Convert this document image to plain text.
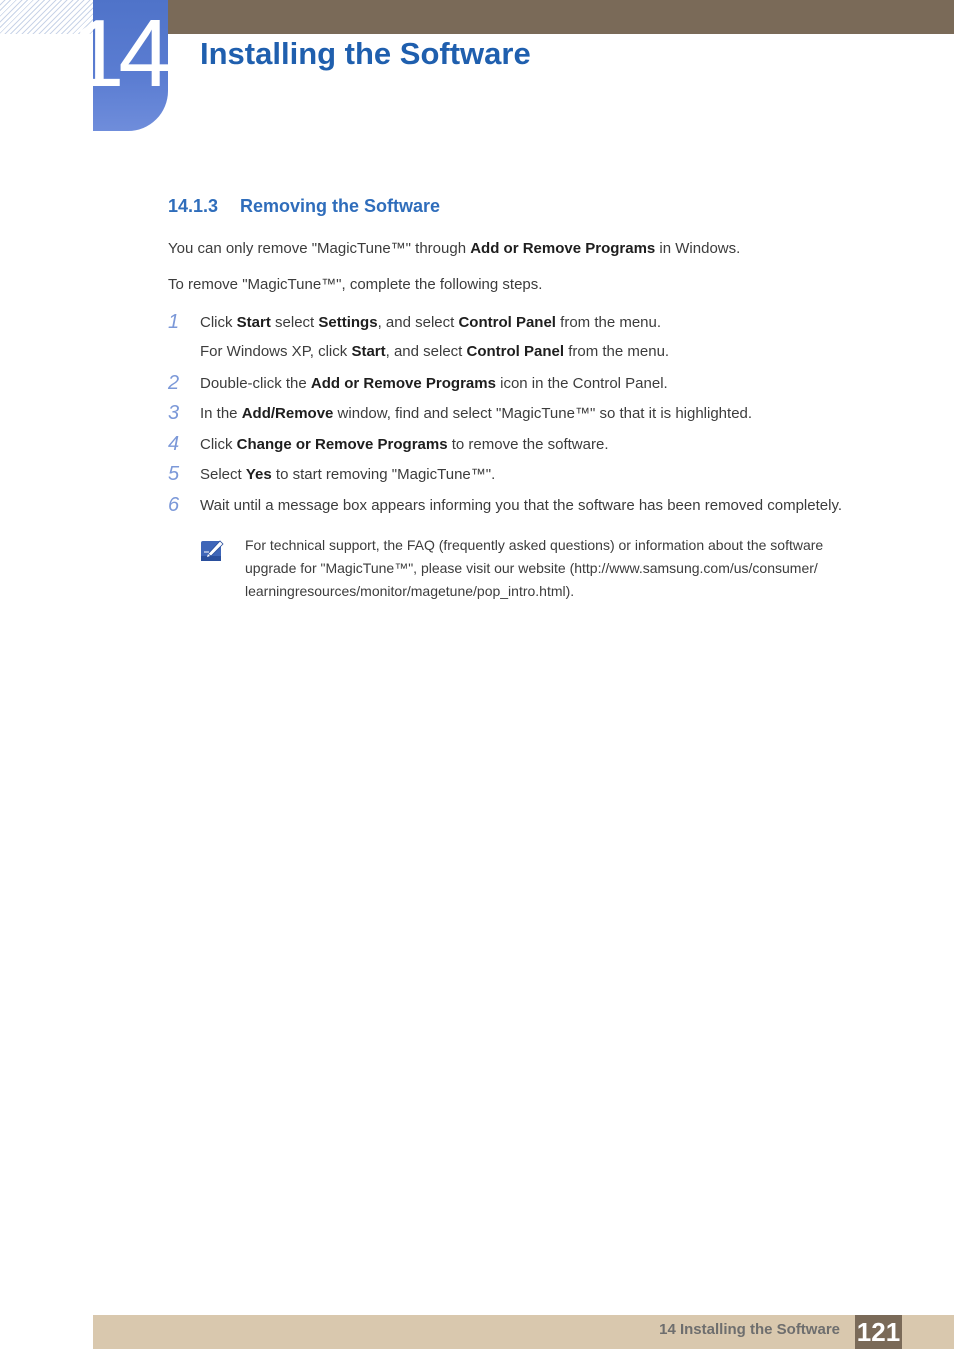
14 Installing the Software
14.1.3 Removing the Software

You can only remove "MagicTune™" through Add or Remove Programs in Windows.

To remove "MagicTune™", complete the following steps.

1	Click Start select Settings, and select Control Panel from the menu.

For Windows XP, click Start, and select Control Panel from the menu.

2	Double-click the Add or Remove Programs icon in the Control Panel.

3	In the Add/Remove window, find and select "MagicTune™" so that it is highlighted.

4	Click Change or Remove Programs to remove the software.

5	Select Yes to start removing "MagicTune™".

6	Wait until a message box appears informing you that the software has been removed completely.

For technical support, the FAQ (frequently asked questions) or information about the software

upgrade for "MagicTune™", please visit our website (http://www.samsung.com/us/consumer/

learningresources/monitor/magetune/pop_intro.html).

14 Installing the Software 121
